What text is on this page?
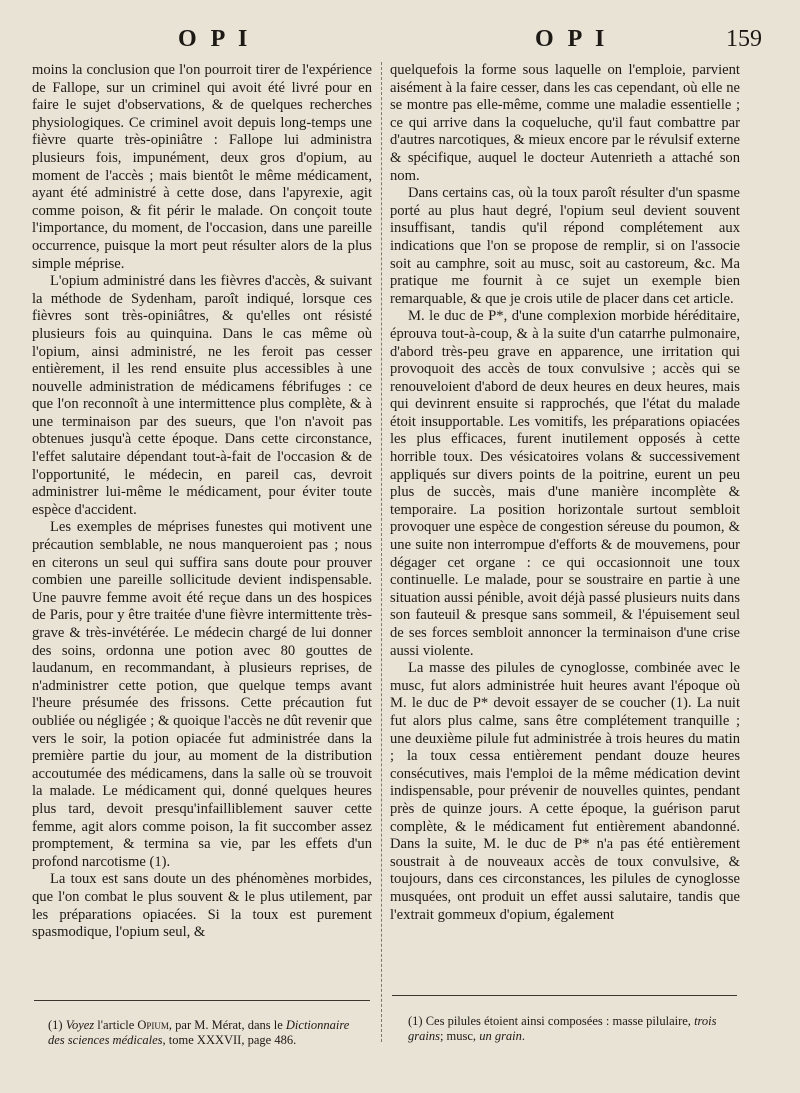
O P I	O P I	159

moins la conclusion que l'on pourroit tirer de l'expérience de Fallope, sur un criminel qui avoit été livré pour en faire le sujet d'observations, & de quelques recherches physiologiques. Ce criminel avoit depuis long-temps une fièvre quarte très-opiniâtre : Fallope lui administra plusieurs fois, impunément, deux gros d'opium, au moment de l'accès ; mais bientôt le même médicament, ayant été administré à cette dose, dans l'apyrexie, agit comme poison, & fit périr le malade. On conçoit toute l'importance, du moment, de l'occasion, dans une pareille occurrence, puisque la mort peut résulter alors de la plus simple méprise.

L'opium administré dans les fièvres d'accès, & suivant la méthode de Sydenham, paroît indiqué, lorsque ces fièvres sont très-opiniâtres, & qu'elles ont résisté plusieurs fois au quinquina. Dans le cas même où l'opium, ainsi administré, ne les feroit pas cesser entièrement, il les rend ensuite plus accessibles à une nouvelle administration de médicamens fébrifuges : ce que l'on reconnoît à une intermittence plus complète, & à une terminaison par des sueurs, que l'on n'avoit pas obtenues jusqu'à cette époque. Dans cette circonstance, l'effet salutaire dépendant tout-à-fait de l'occasion & de l'opportunité, le médecin, en pareil cas, devroit administrer lui-même le médicament, pour éviter toute espèce d'accident.

Les exemples de méprises funestes qui motivent une précaution semblable, ne nous manqueroient pas ; nous en citerons un seul qui suffira sans doute pour prouver combien une pareille sollicitude devient indispensable. Une pauvre femme avoit été reçue dans un des hospices de Paris, pour y être traitée d'une fièvre intermittente très-grave & très-invétérée. Le médecin chargé de lui donner des soins, ordonna une potion avec 80 gouttes de laudanum, en recommandant, à plusieurs reprises, de n'administrer cette potion, que quelque temps avant l'heure présumée des frissons. Cette précaution fut oubliée ou négligée ; & quoique l'accès ne dût revenir que vers le soir, la potion opiacée fut administrée dans la première partie du jour, au moment de la distribution accoutumée des médicamens, dans la salle où se trouvoit la malade. Le médicament qui, donné quelques heures plus tard, devoit presqu'infailliblement sauver cette femme, agit alors comme poison, la fit succomber assez promptement, & termina sa vie, par les effets d'un profond narcotisme (1).

La toux est sans doute un des phénomènes morbides, que l'on combat le plus souvent & le plus utilement, par les préparations opiacées. Si la toux est purement spasmodique, l'opium seul, &

quelquefois la forme sous laquelle on l'emploie, parvient aisément à la faire cesser, dans les cas cependant, où elle ne se montre pas elle-même, comme une maladie essentielle ; ce qui arrive dans la coqueluche, qu'il faut combattre par d'autres narcotiques, & mieux encore par le révulsif externe & spécifique, auquel le docteur Autenrieth a attaché son nom.

Dans certains cas, où la toux paroît résulter d'un spasme porté au plus haut degré, l'opium seul devient souvent insuffisant, tandis qu'il répond complétement aux indications que l'on se propose de remplir, si on l'associe soit au camphre, soit au musc, soit au castoreum, &c. Ma pratique me fournit à ce sujet un exemple bien remarquable, & que je crois utile de placer dans cet article.

M. le duc de P*, d'une complexion morbide héréditaire, éprouva tout-à-coup, & à la suite d'un catarrhe pulmonaire, d'abord très-peu grave en apparence, une irritation qui provoquoit des accès de toux convulsive ; accès qui se renouveloient d'abord de deux heures en deux heures, mais qui devinrent ensuite si rapprochés, que l'état du malade étoit insupportable. Les vomitifs, les préparations opiacées les plus efficaces, furent inutilement opposés à cette horrible toux. Des vésicatoires volans & successivement appliqués sur divers points de la poitrine, eurent un peu plus de succès, mais d'une manière incomplète & temporaire. La position horizontale surtout sembloit provoquer une espèce de congestion séreuse du poumon, & une suite non interrompue d'efforts & de mouvemens, pour dégager cet organe : ce qui occasionnoit une toux continuelle. Le malade, pour se soustraire en partie à une situation aussi pénible, avoit déjà passé plusieurs nuits dans son fauteuil & presque sans sommeil, & l'épuisement seul de ses forces sembloit annoncer la terminaison d'une crise aussi violente.

La masse des pilules de cynoglosse, combinée avec le musc, fut alors administrée huit heures avant l'époque où M. le duc de P* devoit essayer de se coucher (1). La nuit fut alors plus calme, sans être complétement tranquille ; une deuxième pilule fut administrée à trois heures du matin ; la toux cessa entièrement pendant douze heures consécutives, mais l'emploi de la même médication devint indispensable, pour prévenir de nouvelles quintes, pendant près de quinze jours. A cette époque, la guérison parut complète, & le médicament fut entièrement abandonné. Dans la suite, M. le duc de P* n'a pas été entièrement soustrait à de nouveaux accès de toux convulsive, & toujours, dans ces circonstances, les pilules de cynoglosse musquées, ont produit un effet aussi salutaire, tandis que l'extrait gommeux d'opium, également

(1) Voyez l'article Opium, par M. Mérat, dans le Dictionnaire des sciences médicales, tome XXXVII, page 486.
(1) Ces pilules étoient ainsi composées : masse pilulaire, trois grains; musc, un grain.
